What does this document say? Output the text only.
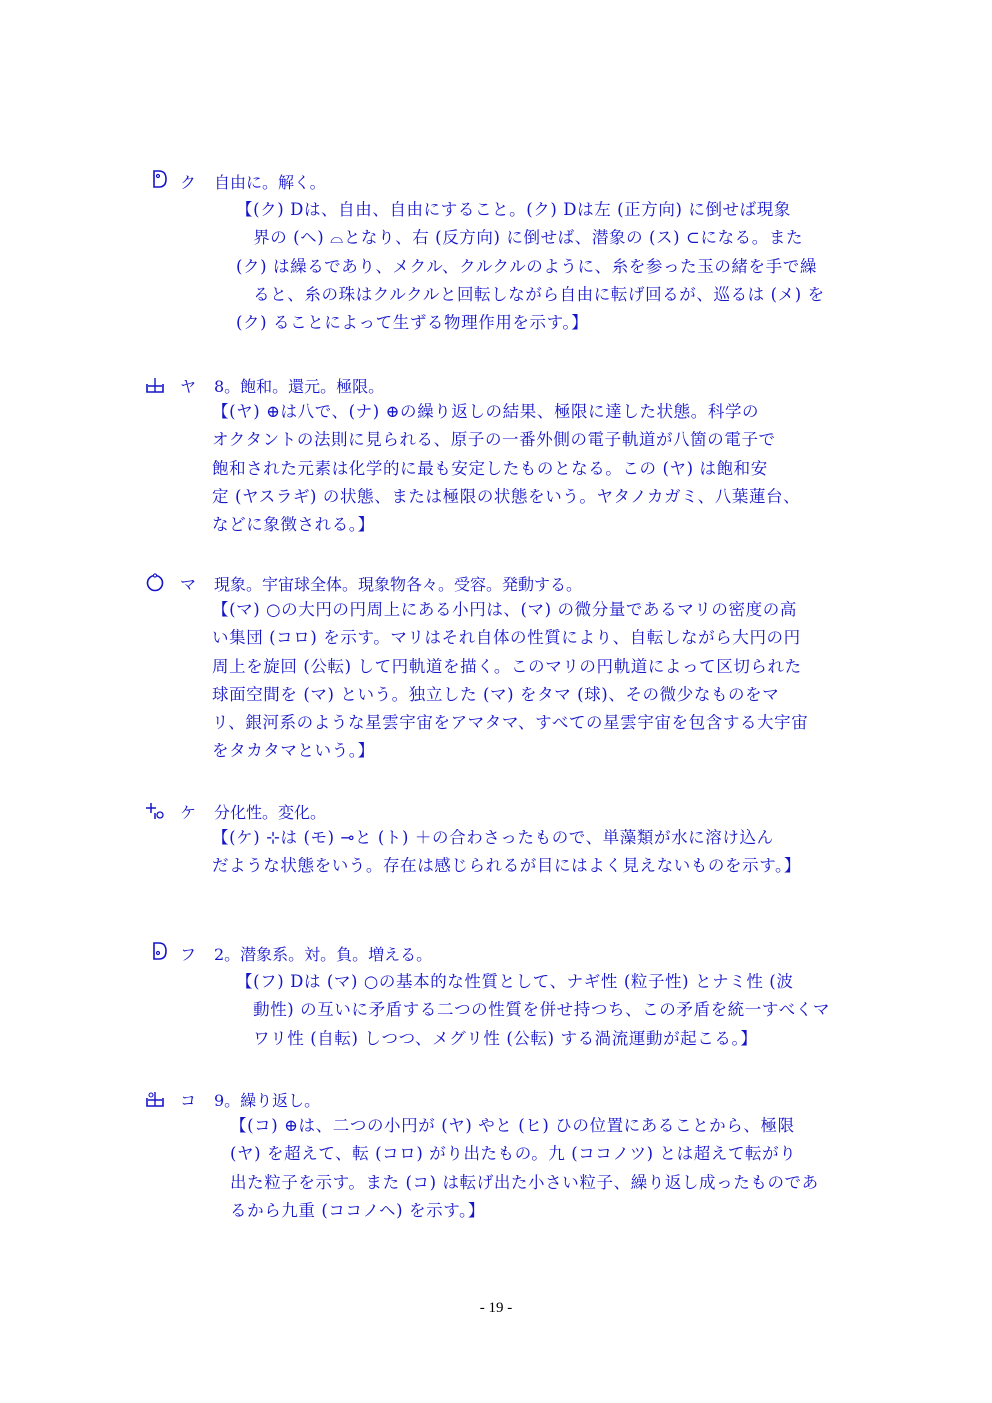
ク 自由に。解く。
【(ク) Dは、自由、自由にすること。(ク) Dは左 (正方向) に倒せば現象
　界の (ヘ) ⌓となり、右 (反方向) に倒せば、潜象の (ス) ⊂になる。また
(ク) は繰るであり、メクル、クルクルのように、糸を参った玉の緒を手で繰
　ると、糸の珠はクルクルと回転しながら自由に転げ回るが、巡るは (メ) を
(ク) ることによって生ずる物理作用を示す。】
ヤ 8。飽和。還元。極限。
【(ヤ) ⊕は八で、(ナ) ⊕の繰り返しの結果、極限に達した状態。科学の
オクタントの法則に見られる、原子の一番外側の電子軌道が八箇の電子で
飽和された元素は化学的に最も安定したものとなる。この (ヤ) は飽和安
定 (ヤスラギ) の状態、または極限の状態をいう。ヤタノカガミ、八葉蓮台、
などに象徴される。】
マ 現象。宇宙球全体。現象物各々。受容。発動する。
【(マ) ○の大円の円周上にある小円は、(マ) の微分量であるマリの密度の高
い集団 (コロ) を示す。マリはそれ自体の性質により、自転しながら大円の円
周上を旋回 (公転) して円軌道を描く。このマリの円軌道によって区切られた
球面空間を (マ) という。独立した (マ) をタマ (球)、その微少なものをマ
リ、銀河系のような星雲宇宙をアマタマ、すべての星雲宇宙を包含する大宇宙
をタカタマという。】
ケ 分化性。変化。
【(ケ) ⊹は (モ) ⊸と (ト) ＋の合わさったもので、単藻類が水に溶け込ん
だような状態をいう。存在は感じられるが目にはよく見えないものを示す。】
フ 2。潜象系。対。負。増える。
【(フ) Dは (マ) ○の基本的な性質として、ナギ性 (粒子性) とナミ性 (波
　動性) の互いに矛盾する二つの性質を併せ持つち、この矛盾を統一すべくマ
　ワリ性 (自転) しつつ、メグリ性 (公転) する渦流運動が起こる。】
コ 9。繰り返し。
【(コ) ⊕は、二つの小円が (ヤ) やと (ヒ) ひの位置にあることから、極限
(ヤ) を超えて、転 (コロ) がり出たもの。九 (ココノツ) とは超えて転がり
出た粒子を示す。また (コ) は転げ出た小さい粒子、繰り返し成ったものであ
るから九重 (ココノヘ) を示す。】
- 19 -
